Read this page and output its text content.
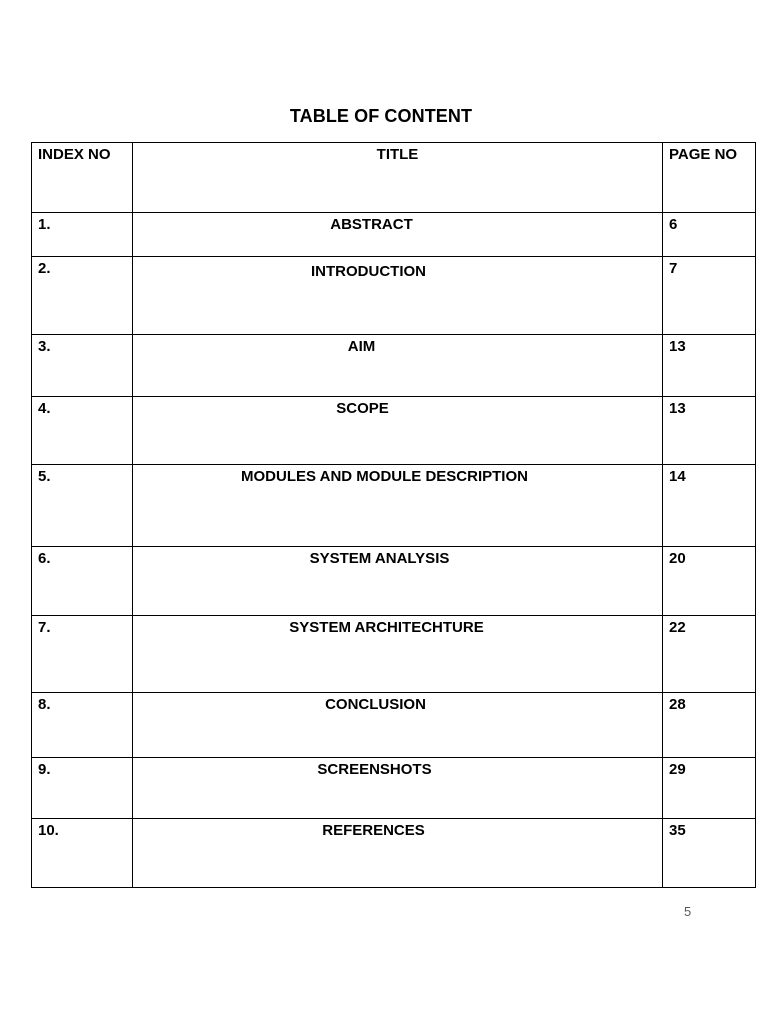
TABLE OF CONTENT
INDEX NO	TITLE	PAGE NO
1.	ABSTRACT	6
2.	INTRODUCTION	7
3.	AIM	13
4.	SCOPE	13
5.	MODULES AND MODULE DESCRIPTION	14
6.	SYSTEM ANALYSIS	20
7.	SYSTEM ARCHITECHTURE	22
8.	CONCLUSION	28
9.	SCREENSHOTS	29
10.	REFERENCES	35
5
